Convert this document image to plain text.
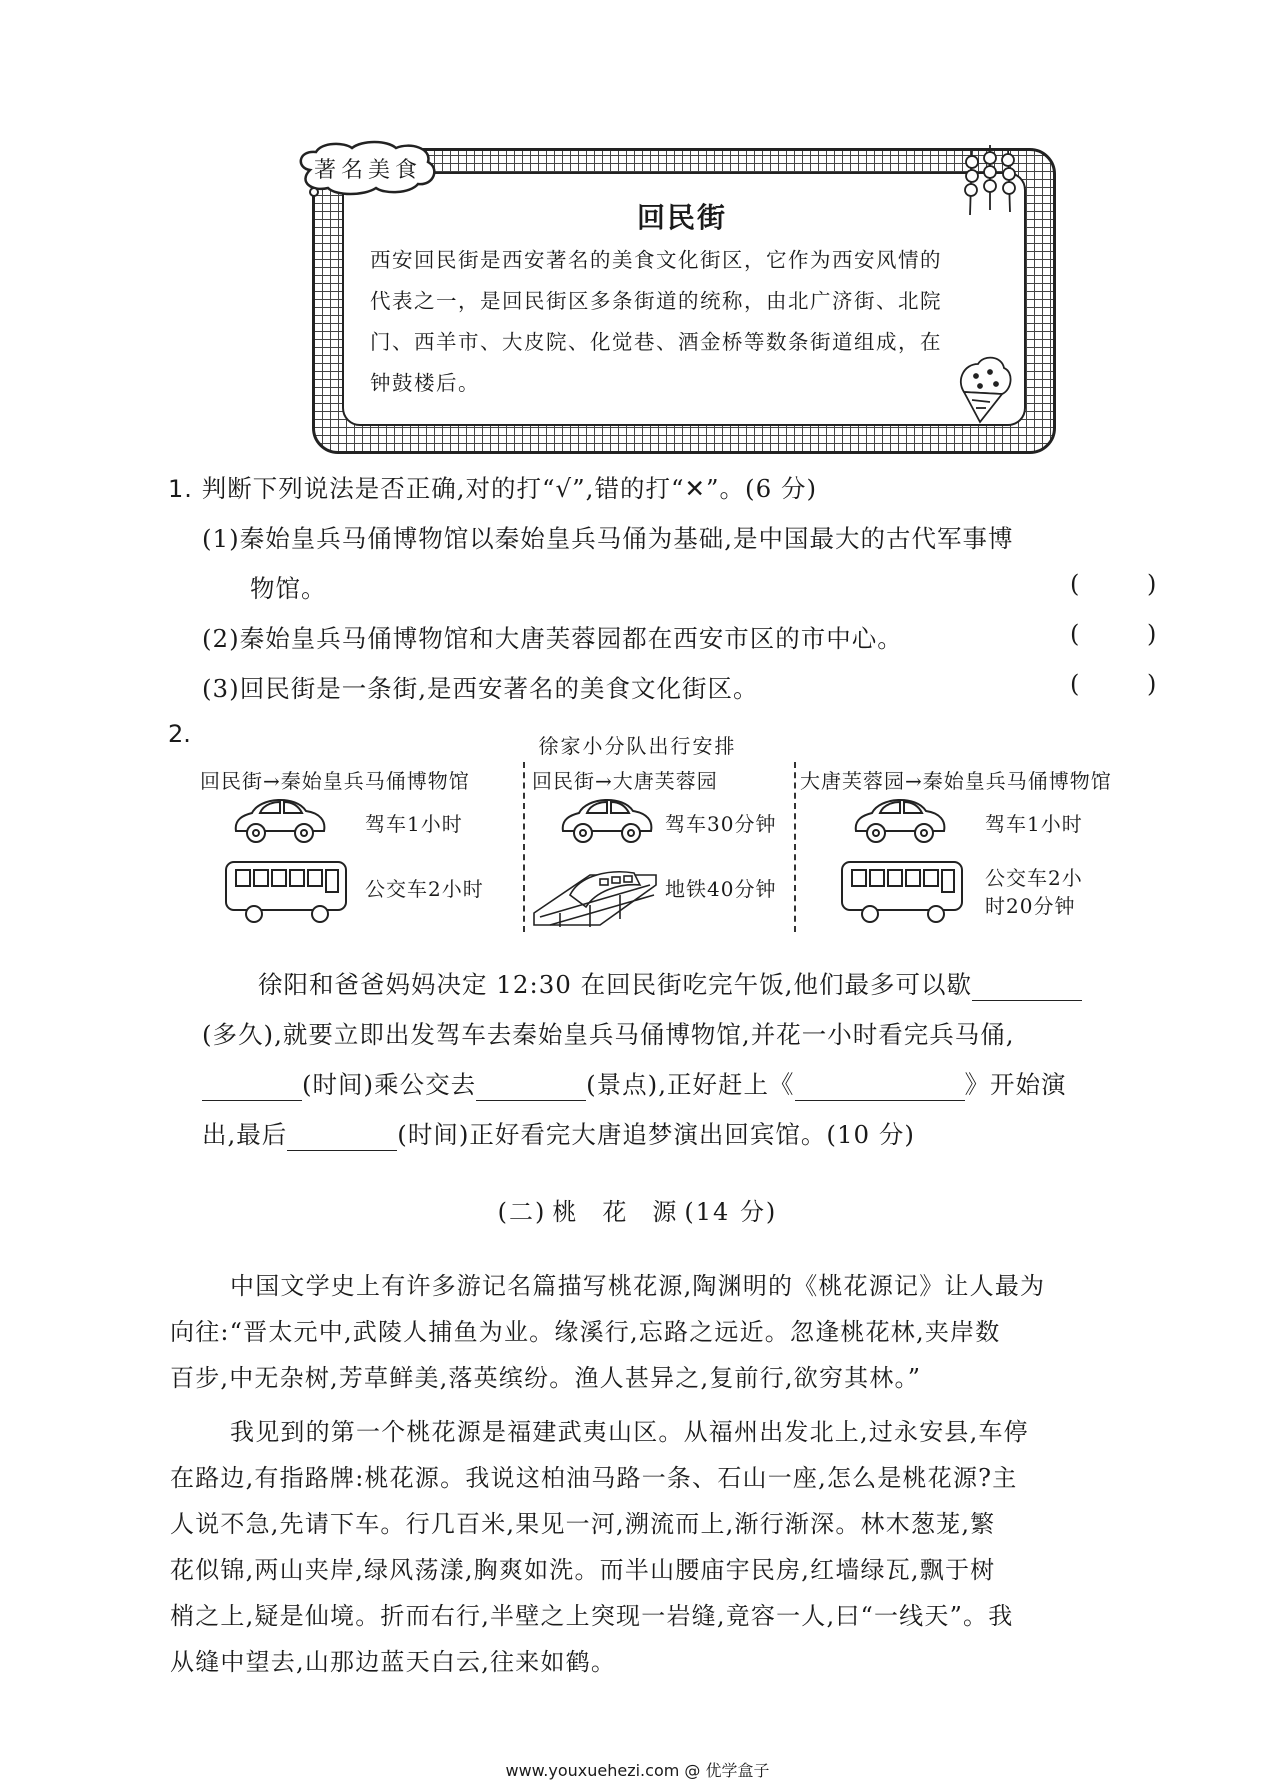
著名美食
回民街
西安回民街是西安著名的美食文化街区，它作为西安风情的
代表之一，是回民街区多条街道的统称，由北广济街、北院
门、西羊市、大皮院、化觉巷、酒金桥等数条街道组成，在
钟鼓楼后。
1. 判断下列说法是否正确,对的打“√”,错的打“✕”。(6 分)
(1)秦始皇兵马俑博物馆以秦始皇兵马俑为基础,是中国最大的古代军事博
物馆。	( )
(2)秦始皇兵马俑博物馆和大唐芙蓉园都在西安市区的市中心。	( )
(3)回民街是一条街,是西安著名的美食文化街区。	( )
2.	徐家小分队出行安排
回民街→秦始皇兵马俑博物馆
驾车1小时
公交车2小时
回民街→大唐芙蓉园
驾车30分钟
地铁40分钟
大唐芙蓉园→秦始皇兵马俑博物馆
驾车1小时
公交车2小
时20分钟
徐阳和爸爸妈妈决定 12:30 在回民街吃完午饭,他们最多可以歇
(多久),就要立即出发驾车去秦始皇兵马俑博物馆,并花一小时看完兵马俑,
(时间)乘公交去	(景点),正好赶上《	》开始演
出,最后	(时间)正好看完大唐追梦演出回宾馆。(10 分)
(二) 桃 花 源 (14 分)
中国文学史上有许多游记名篇描写桃花源,陶渊明的《桃花源记》让人最为
向往:“晋太元中,武陵人捕鱼为业。缘溪行,忘路之远近。忽逢桃花林,夹岸数
百步,中无杂树,芳草鲜美,落英缤纷。渔人甚异之,复前行,欲穷其林。”
我见到的第一个桃花源是福建武夷山区。从福州出发北上,过永安县,车停
在路边,有指路牌:桃花源。我说这柏油马路一条、石山一座,怎么是桃花源?主
人说不急,先请下车。行几百米,果见一河,溯流而上,渐行渐深。林木葱茏,繁
花似锦,两山夹岸,绿风荡漾,胸爽如洗。而半山腰庙宇民房,红墙绿瓦,飘于树
梢之上,疑是仙境。折而右行,半壁之上突现一岩缝,竟容一人,曰“一线天”。我
从缝中望去,山那边蓝天白云,往来如鹤。
www.youxuehezi.com @ 优学盒子
